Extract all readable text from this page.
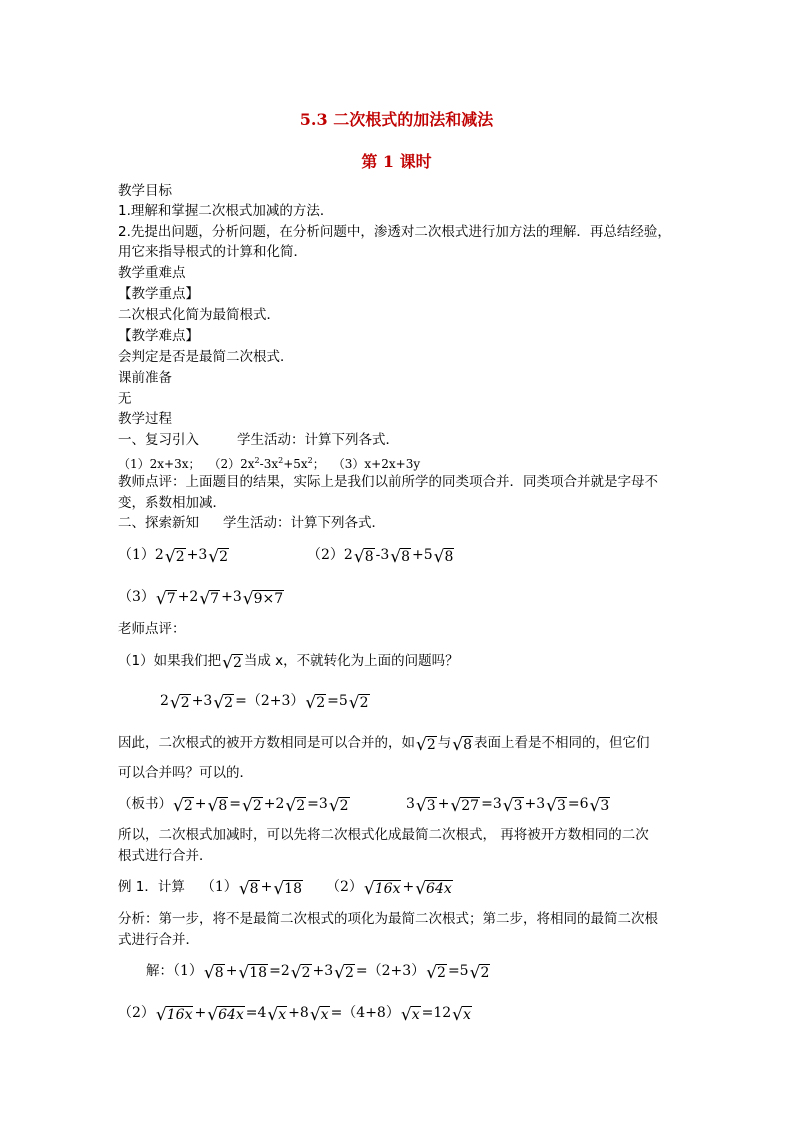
5.3 二次根式的加法和减法
第 1 课时
教学目标
1.理解和掌握二次根式加减的方法．
2.先提出问题，分析问题，在分析问题中，渗透对二次根式进行加方法的理解．再总结经验，
用它来指导根式的计算和化简．
教学重难点
【教学重点】
二次根式化简为最简根式．
【教学难点】
会判定是否是最简二次根式．
课前准备
无
教学过程
一、复习引入	学生活动：计算下列各式．
（1）2x+3x； $(2)2x^2-3x^2+5x^2$； （3）x+2x+3y
教师点评：上面题目的结果，实际上是我们以前所学的同类项合并．同类项合并就是字母不
变，系数相加减．
二、探索新知 学生活动：计算下列各式．
（1）2 √ 2 +3 √ 2	（2）2 √ 8 -3 √ 8 +5 √ 8
（3） √ 7 +2 √ 7 +3 √ 9×7
老师点评：
（1）如果我们把 √ 2 当成 x，不就转化为上面的问题吗？
2 √ 2 +3 √ 2 =（2+3） √ 2 =5 √ 2
因此，二次根式的被开方数相同是可以合并的，如 √ 2 与 √ 8 表面上看是不相同的，但它们
可以合并吗？可以的．
（板书） √ 2 + √ 8 = √ 2 +2 √ 2 =3 √ 2	3 √ 3 + √ 27 =3 √ 3 +3 √ 3 =6 √ 3
所以，二次根式加减时，可以先将二次根式化成最简二次根式， 再将被开方数相同的二次
根式进行合并．
例 1．计算 （1） √ 8 + √ 18 （2） √ 16x + √ 64x
分析：第一步，将不是最简二次根式的项化为最简二次根式；第二步，将相同的最简二次根
式进行合并．
解：（1） √ 8 + √ 18 =2 √ 2 +3 √ 2 =（2+3） √ 2 =5 √ 2
（2） √ 16x + √ 64x =4 √ x +8 √ x =（4+8） √ x =12 √ x
